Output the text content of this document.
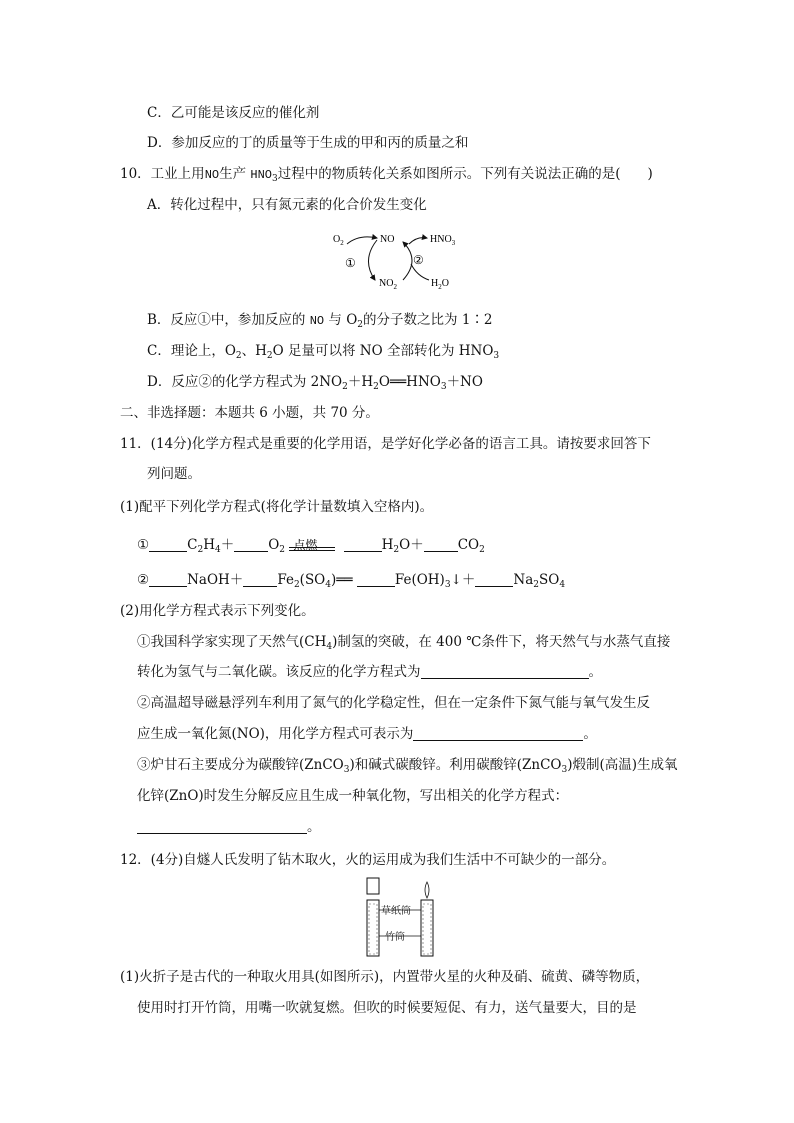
C．乙可能是该反应的催化剂
D．参加反应的丁的质量等于生成的甲和丙的质量之和
10．工业上用NO生产 $HNO_3$过程中的物质转化关系如图所示。下列有关说法正确的是(　　)
A．转化过程中，只有氮元素的化合价发生变化
$O_2$	NO	$HNO_3$
$NO_2$	$H_2O$
①	②
B．反应①中，参加反应的 NO 与 $O_2$的分子数之比为 1∶2
C．理论上，$O_2$、$H_2O$ 足量可以将 NO 全部转化为 $HNO_3$
D．反应②的化学方程式为 $2NO_2+H_2O══HNO_3+NO$
二、非选择题：本题共 6 小题，共 70 分。
11．(14分)化学方程式是重要的化学用语，是学好化学必备的语言工具。请按要求回答下
列问题。
(1)配平下列化学方程式(将化学计量数填入空格内)。
①	$C_2H_4+$	$O_2$ 点燃	$H_2O+$	$CO_2$
②	NaOH＋	$Fe_2(SO_4)══$	$Fe(OH)_3↓+$	$Na_2SO_4$
(2)用化学方程式表示下列变化。
①我国科学家实现了天然气$(CH_4)$制氢的突破，在 400 ℃条件下，将天然气与水蒸气直接
转化为氢气与二氧化碳。该反应的化学方程式为	。
②高温超导磁悬浮列车利用了氮气的化学稳定性，但在一定条件下氮气能与氧气发生反
应生成一氧化氮(NO)，用化学方程式可表示为	。
③炉甘石主要成分为碳酸锌(ZnCO$_3$)和碱式碳酸锌。利用碳酸锌(ZnCO$_3$)煅制(高温)生成氧
化锌(ZnO)时发生分解反应且生成一种氧化物，写出相关的化学方程式：
。
12．(4分)自燧人氏发明了钻木取火，火的运用成为我们生活中不可缺少的一部分。
草纸筒
竹筒
(1)火折子是古代的一种取火用具(如图所示)，内置带火星的火种及硝、硫黄、磷等物质，
使用时打开竹筒，用嘴一吹就复燃。但吹的时候要短促、有力，送气量要大，目的是
